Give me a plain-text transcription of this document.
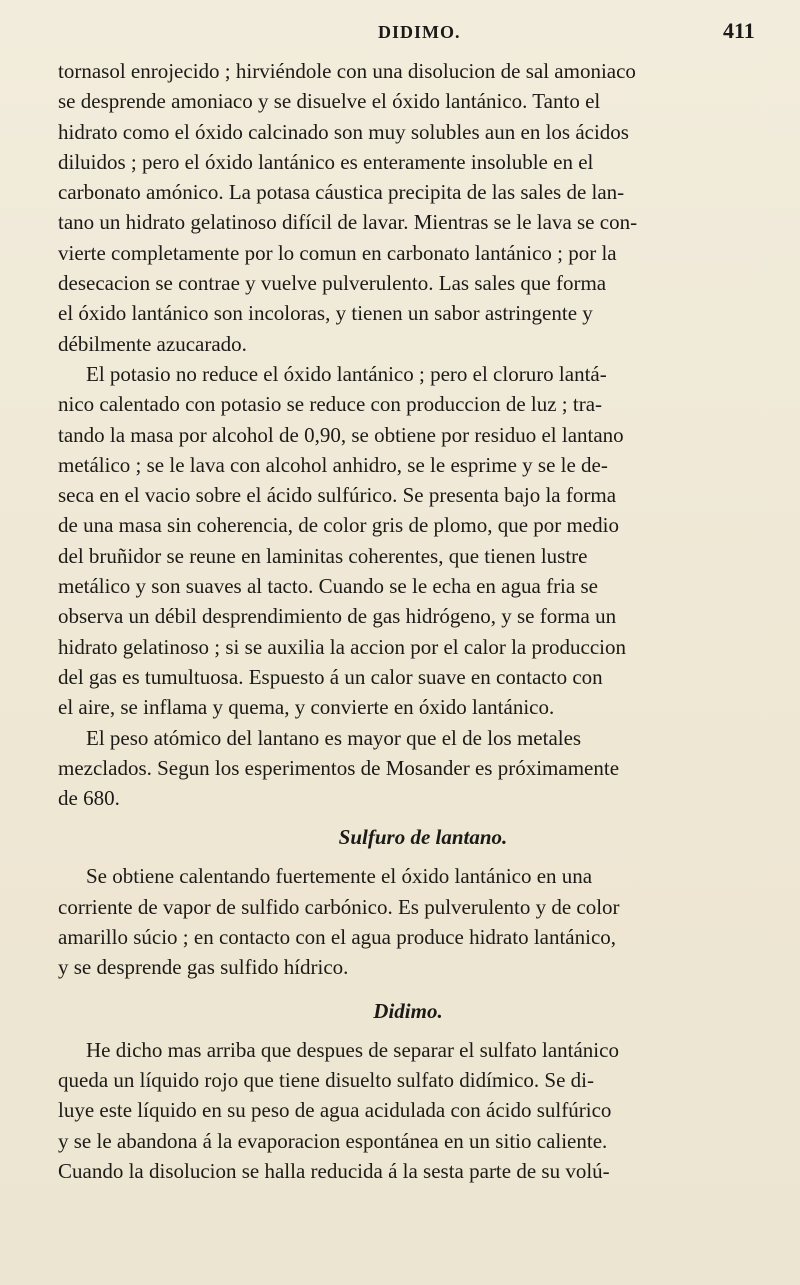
DIDIMO.	411
tornasol enrojecido ; hirviéndole con una disolucion de sal amoniaco
se desprende amoniaco y se disuelve el óxido lantánico. Tanto el
hidrato como el óxido calcinado son muy solubles aun en los ácidos
diluidos ; pero el óxido lantánico es enteramente insoluble en el
carbonato amónico. La potasa cáustica precipita de las sales de lan-
tano un hidrato gelatinoso difícil de lavar. Mientras se le lava se con-
vierte completamente por lo comun en carbonato lantánico ; por la
desecacion se contrae y vuelve pulverulento. Las sales que forma
el óxido lantánico son incoloras, y tienen un sabor astringente y
débilmente azucarado.
El potasio no reduce el óxido lantánico ; pero el cloruro lantá-
nico calentado con potasio se reduce con produccion de luz ; tra-
tando la masa por alcohol de 0,90, se obtiene por residuo el lantano
metálico ; se le lava con alcohol anhidro, se le esprime y se le de-
seca en el vacio sobre el ácido sulfúrico. Se presenta bajo la forma
de una masa sin coherencia, de color gris de plomo, que por medio
del bruñidor se reune en laminitas coherentes, que tienen lustre
metálico y son suaves al tacto. Cuando se le echa en agua fria se
observa un débil desprendimiento de gas hidrógeno, y se forma un
hidrato gelatinoso ; si se auxilia la accion por el calor la produccion
del gas es tumultuosa. Espuesto á un calor suave en contacto con
el aire, se inflama y quema, y convierte en óxido lantánico.
El peso atómico del lantano es mayor que el de los metales
mezclados. Segun los esperimentos de Mosander es próximamente
de 680.
Sulfuro de lantano.
Se obtiene calentando fuertemente el óxido lantánico en una
corriente de vapor de sulfido carbónico. Es pulverulento y de color
amarillo súcio ; en contacto con el agua produce hidrato lantánico,
y se desprende gas sulfido hídrico.
Didimo.
He dicho mas arriba que despues de separar el sulfato lantánico
queda un líquido rojo que tiene disuelto sulfato didímico. Se di-
luye este líquido en su peso de agua acidulada con ácido sulfúrico
y se le abandona á la evaporacion espontánea en un sitio caliente.
Cuando la disolucion se halla reducida á la sesta parte de su volú-
